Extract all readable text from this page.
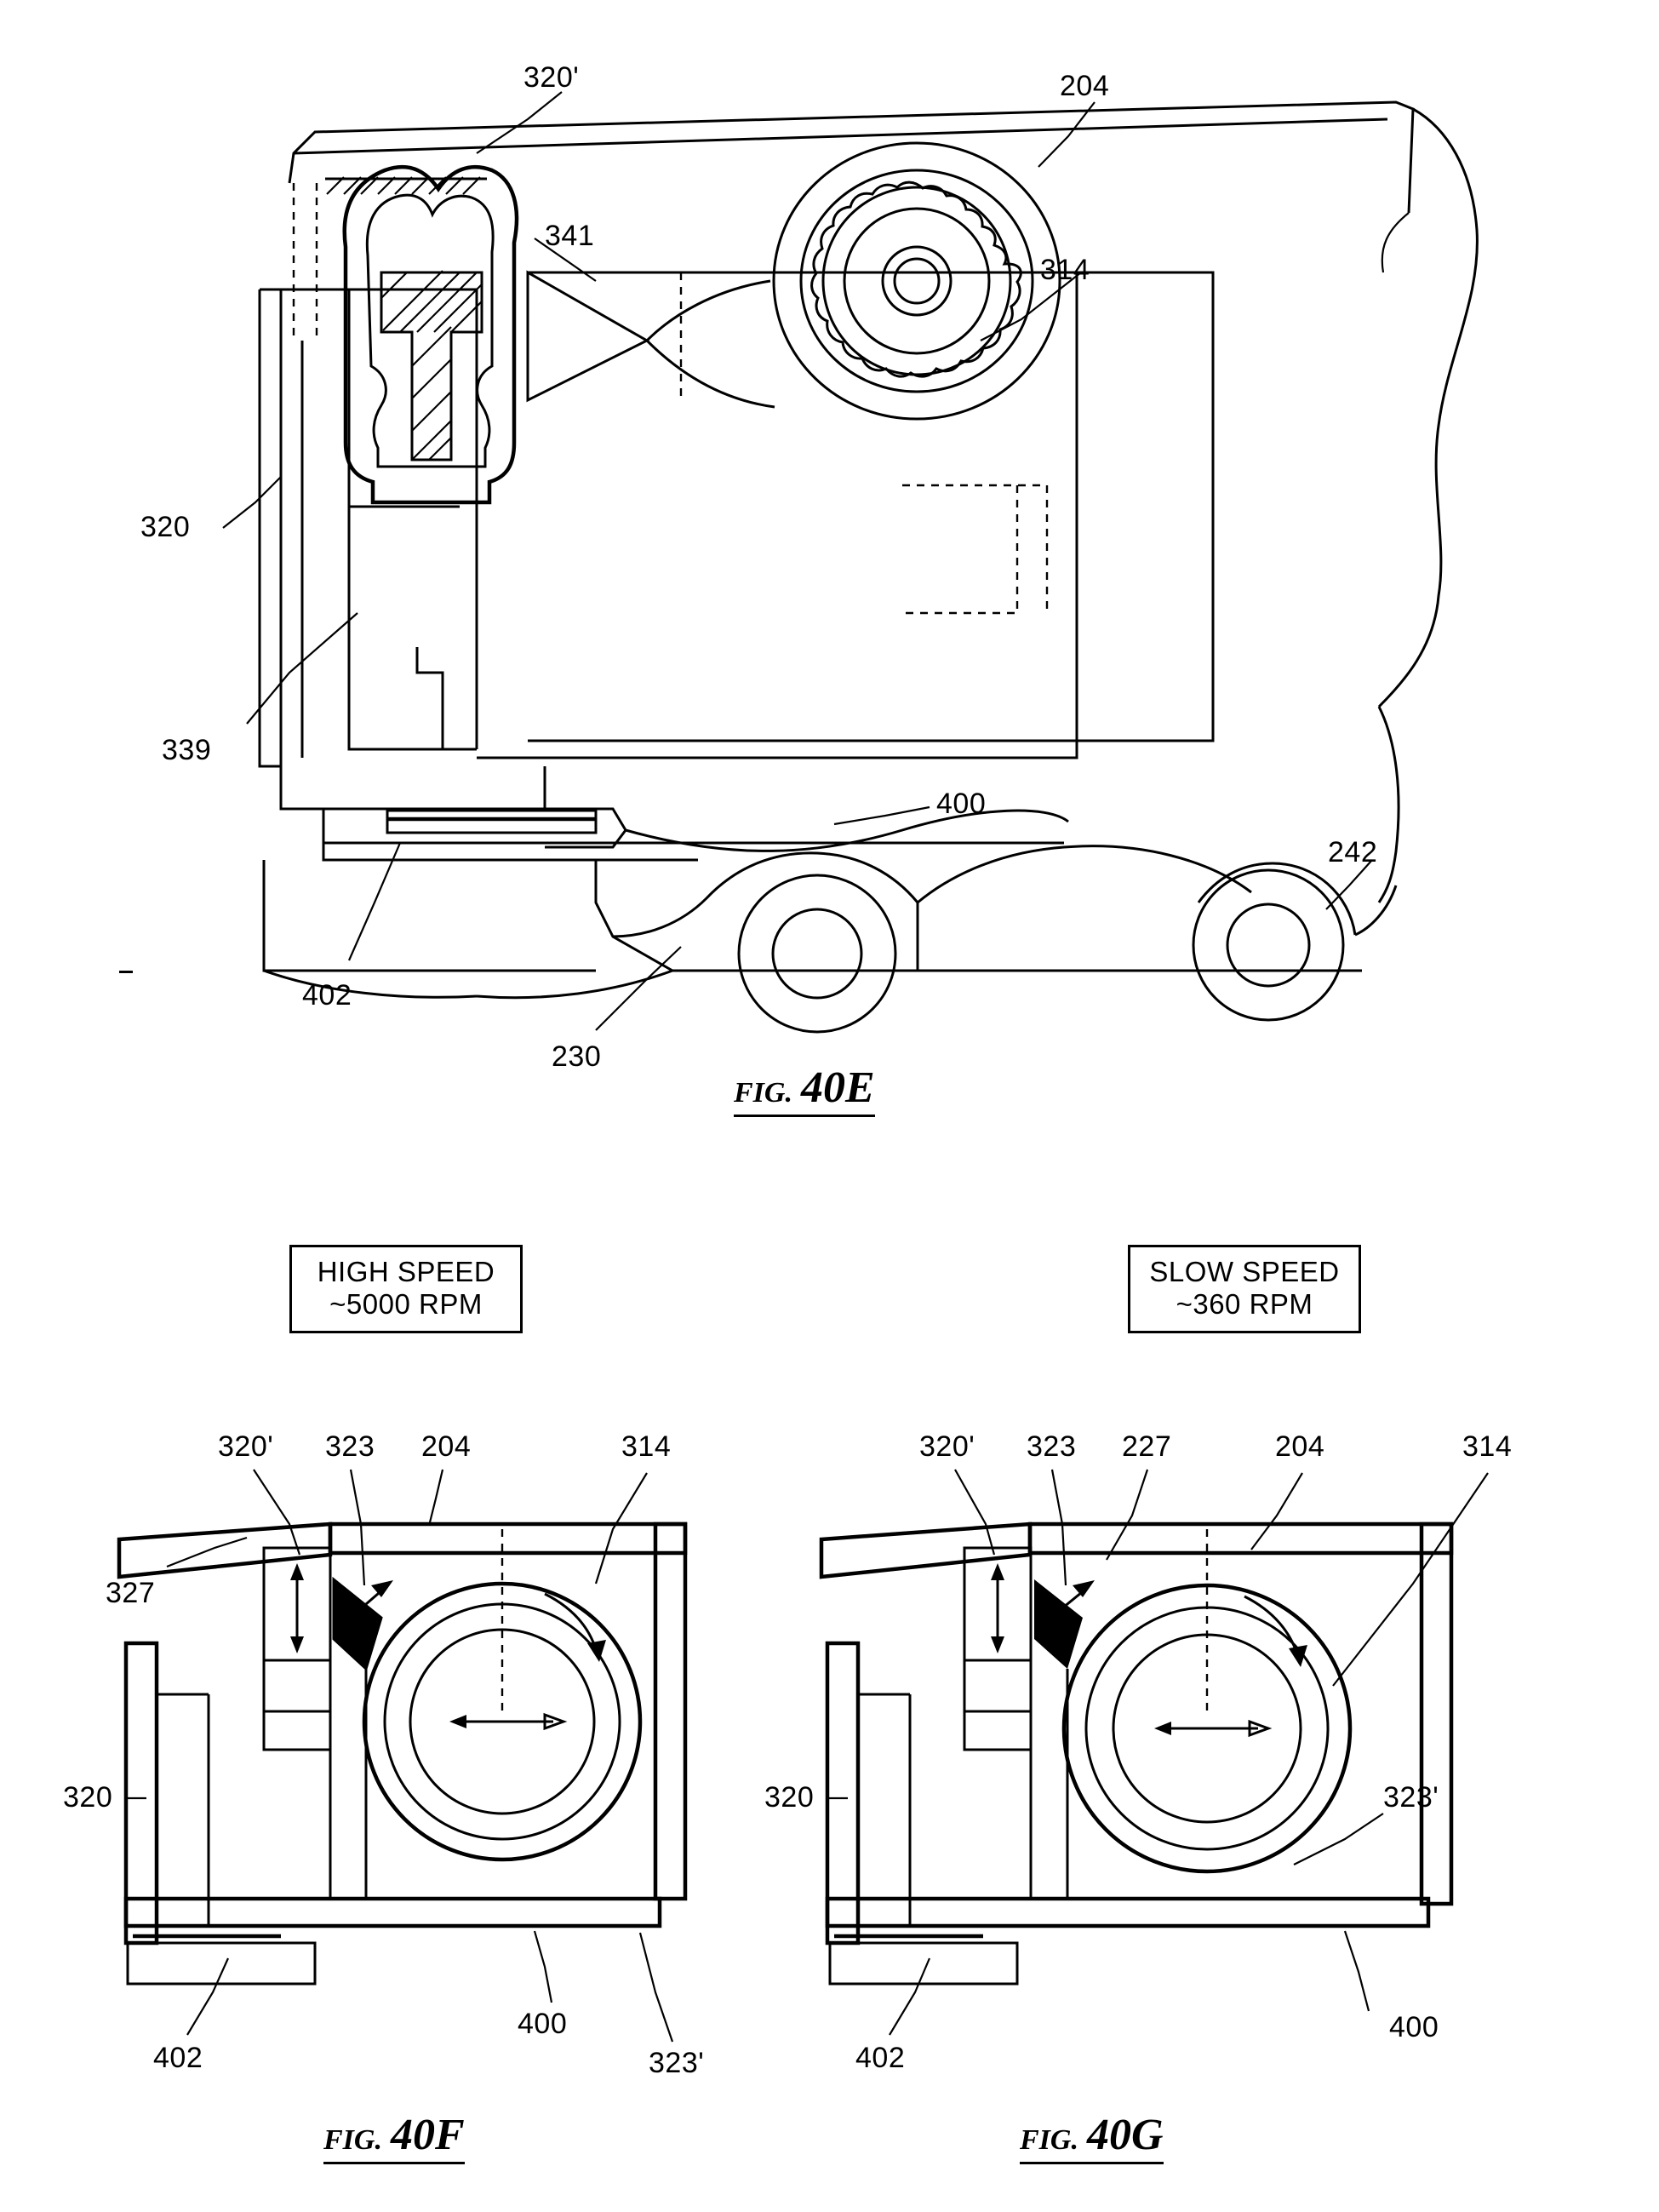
320'	204
341
314
320
339
400
242
402
230
FIG. 40E
HIGH SPEED
~5000 RPM
SLOW SPEED
~360 RPM
320' 323 204	314
327
320
402
400
323'
FIG. 40F
320' 323 227	204	314
320	323'
402
400
FIG. 40G
